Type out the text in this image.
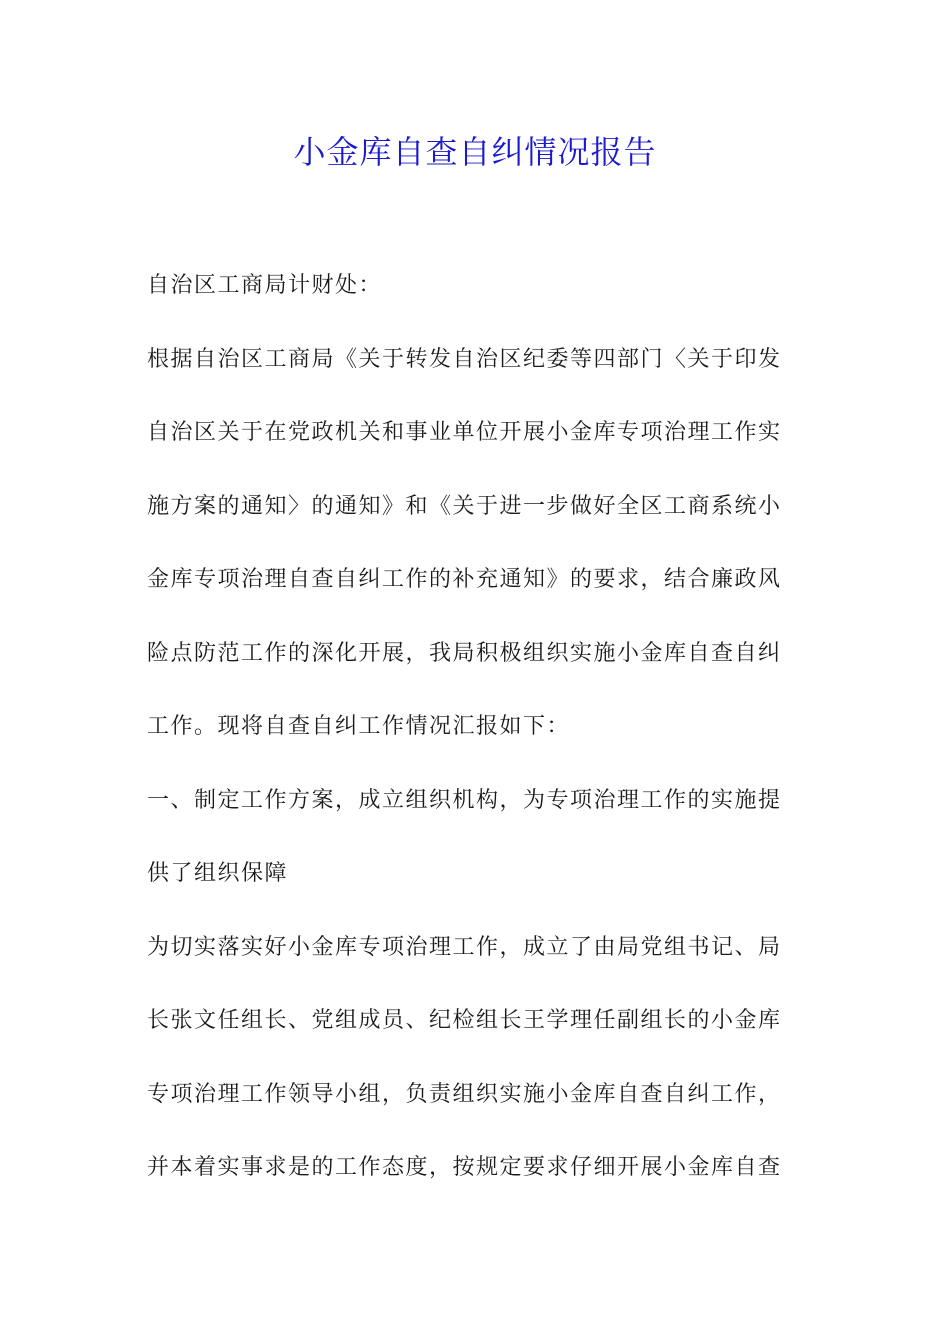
小金库自查自纠情况报告
自治区工商局计财处：
根据自治区工商局《关于转发自治区纪委等四部门〈关于印发
自治区关于在党政机关和事业单位开展小金库专项治理工作实
施方案的通知〉的通知》和《关于进一步做好全区工商系统小
金库专项治理自查自纠工作的补充通知》的要求，结合廉政风
险点防范工作的深化开展，我局积极组织实施小金库自查自纠
工作。现将自查自纠工作情况汇报如下：
一、制定工作方案，成立组织机构，为专项治理工作的实施提
供了组织保障
为切实落实好小金库专项治理工作，成立了由局党组书记、局
长张文任组长、党组成员、纪检组长王学理任副组长的小金库
专项治理工作领导小组，负责组织实施小金库自查自纠工作，
并本着实事求是的工作态度，按规定要求仔细开展小金库自查
